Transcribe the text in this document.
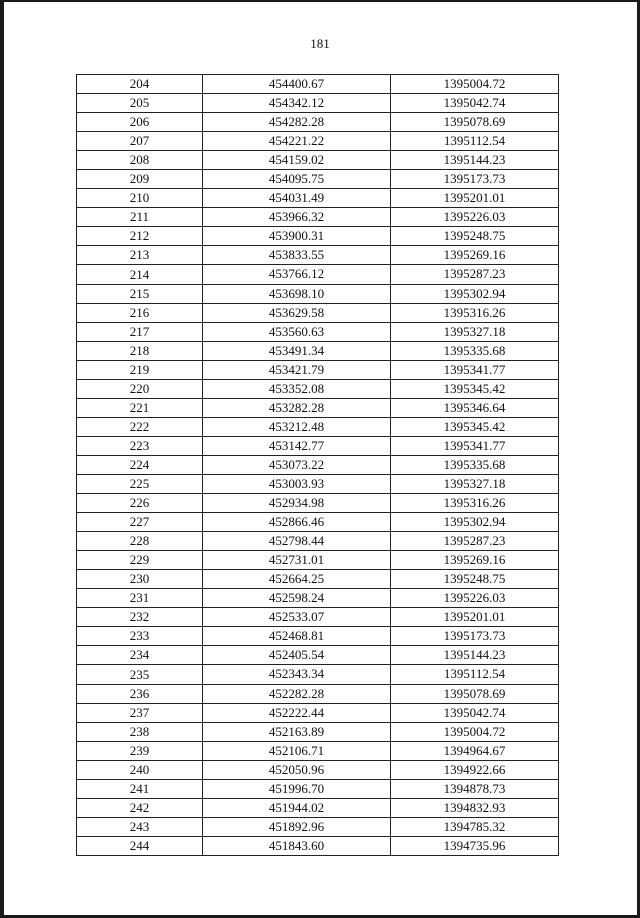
181
204	454400.67	1395004.72
205	454342.12	1395042.74
206	454282.28	1395078.69
207	454221.22	1395112.54
208	454159.02	1395144.23
209	454095.75	1395173.73
210	454031.49	1395201.01
211	453966.32	1395226.03
212	453900.31	1395248.75
213	453833.55	1395269.16
214	453766.12	1395287.23
215	453698.10	1395302.94
216	453629.58	1395316.26
217	453560.63	1395327.18
218	453491.34	1395335.68
219	453421.79	1395341.77
220	453352.08	1395345.42
221	453282.28	1395346.64
222	453212.48	1395345.42
223	453142.77	1395341.77
224	453073.22	1395335.68
225	453003.93	1395327.18
226	452934.98	1395316.26
227	452866.46	1395302.94
228	452798.44	1395287.23
229	452731.01	1395269.16
230	452664.25	1395248.75
231	452598.24	1395226.03
232	452533.07	1395201.01
233	452468.81	1395173.73
234	452405.54	1395144.23
235	452343.34	1395112.54
236	452282.28	1395078.69
237	452222.44	1395042.74
238	452163.89	1395004.72
239	452106.71	1394964.67
240	452050.96	1394922.66
241	451996.70	1394878.73
242	451944.02	1394832.93
243	451892.96	1394785.32
244	451843.60	1394735.96
